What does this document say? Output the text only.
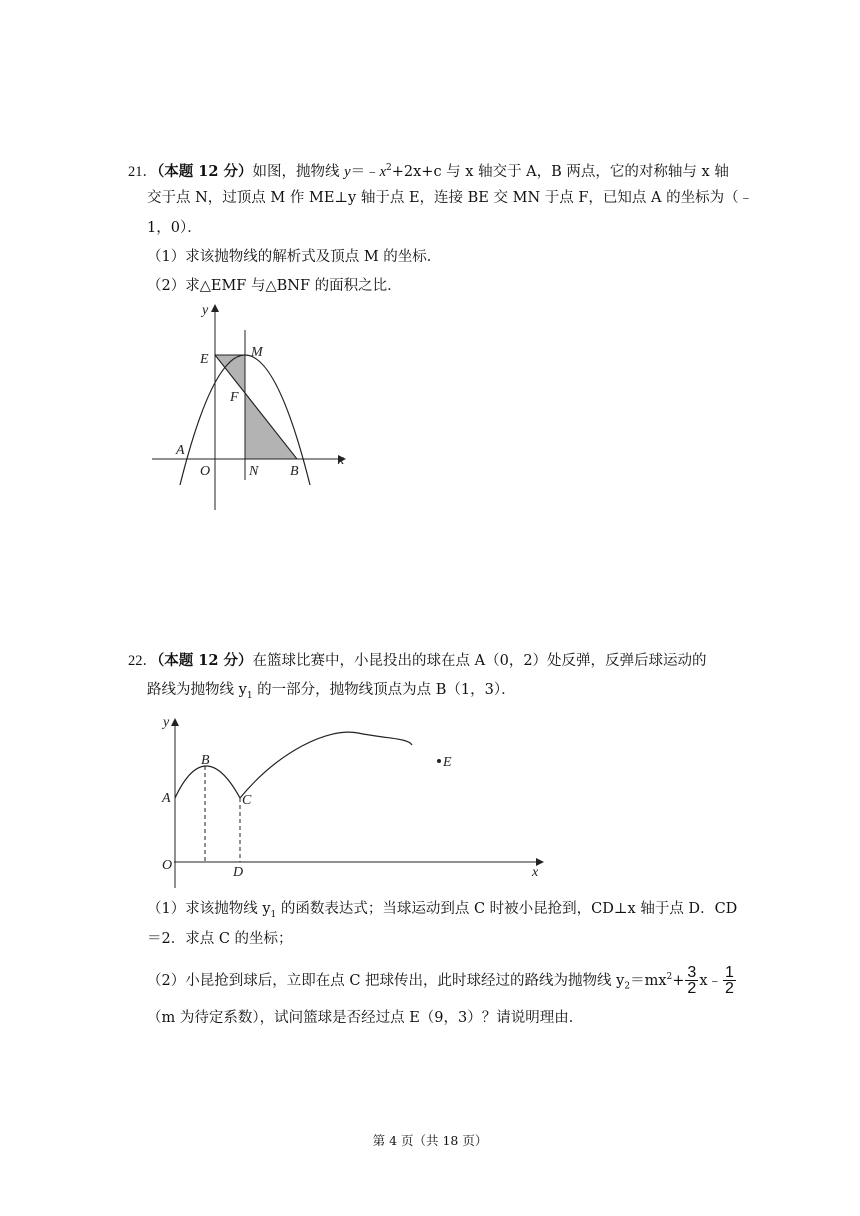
21．（本题 12 分）如图，抛物线 $y=﹣x^2+2x+c$ 与 x 轴交于 A，B 两点，它的对称轴与 x 轴
交于点 N，过顶点 M 作 ME⊥y 轴于点 E，连接 BE 交 MN 于点 F，已知点 A 的坐标为（﹣
1，0）．
（1）求该抛物线的解析式及顶点 M 的坐标．
（2）求△EMF 与△BNF 的面积之比．
y
x
E	M
F
A
O	N B
22．（本题 12 分）在篮球比赛中，小昆投出的球在点 A（0，2）处反弹，反弹后球运动的
路线为抛物线 $y_1$ 的一部分，抛物线顶点为点 B（1，3）．
y
x
A
B
C
D
O
E
（1）求该抛物线 $y_1$ 的函数表达式；当球运动到点 C 时被小昆抢到，CD⊥x 轴于点 D．CD
＝2．求点 C 的坐标；
（2）小昆抢到球后，立即在点 C 把球传出，此时球经过的路线为抛物线 $y_2=mx^2+ \frac{3}{2}$ x﹣ $\frac{1}{2}$
（m 为待定系数），试问篮球是否经过点 E（9，3）？请说明理由．
第 4 页（共 18 页）
